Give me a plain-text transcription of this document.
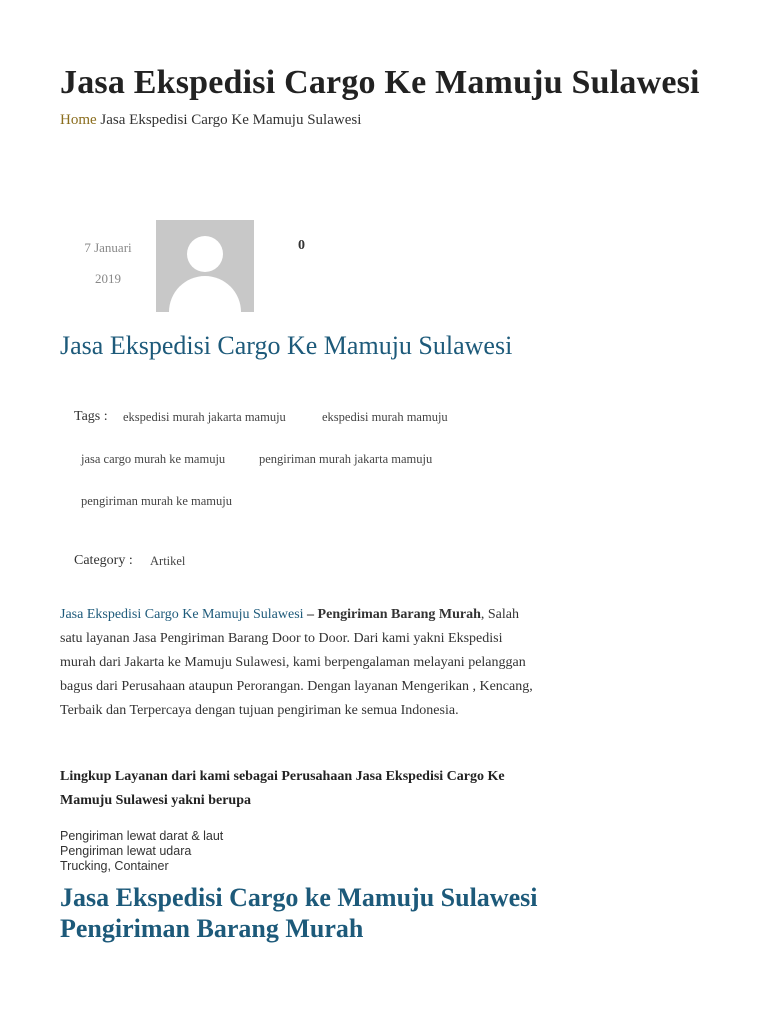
Jasa Ekspedisi Cargo Ke Mamuju Sulawesi
Home Jasa Ekspedisi Cargo Ke Mamuju Sulawesi
7 Januari
2019
0
Jasa Ekspedisi Cargo Ke Mamuju Sulawesi
Tags : ekspedisi murah jakarta mamuju	ekspedisi murah mamuju
jasa cargo murah ke mamuju	pengiriman murah jakarta mamuju
pengiriman murah ke mamuju
Category : Artikel

Jasa Ekspedisi Cargo Ke Mamuju Sulawesi – Pengiriman Barang Murah, Salah satu layanan Jasa Pengiriman Barang Door to Door. Dari kami yakni Ekspedisi murah dari Jakarta ke Mamuju Sulawesi, kami berpengalaman melayani pelanggan bagus dari Perusahaan ataupun Perorangan. Dengan layanan Mengerikan , Kencang, Terbaik dan Terpercaya dengan tujuan pengiriman ke semua Indonesia.

Lingkup Layanan dari kami sebagai Perusahaan Jasa Ekspedisi Cargo Ke Mamuju Sulawesi yakni berupa

Pengiriman lewat darat & laut
Pengiriman lewat udara
Trucking, Container
Jasa Ekspedisi Cargo ke Mamuju Sulawesi Pengiriman Barang Murah
